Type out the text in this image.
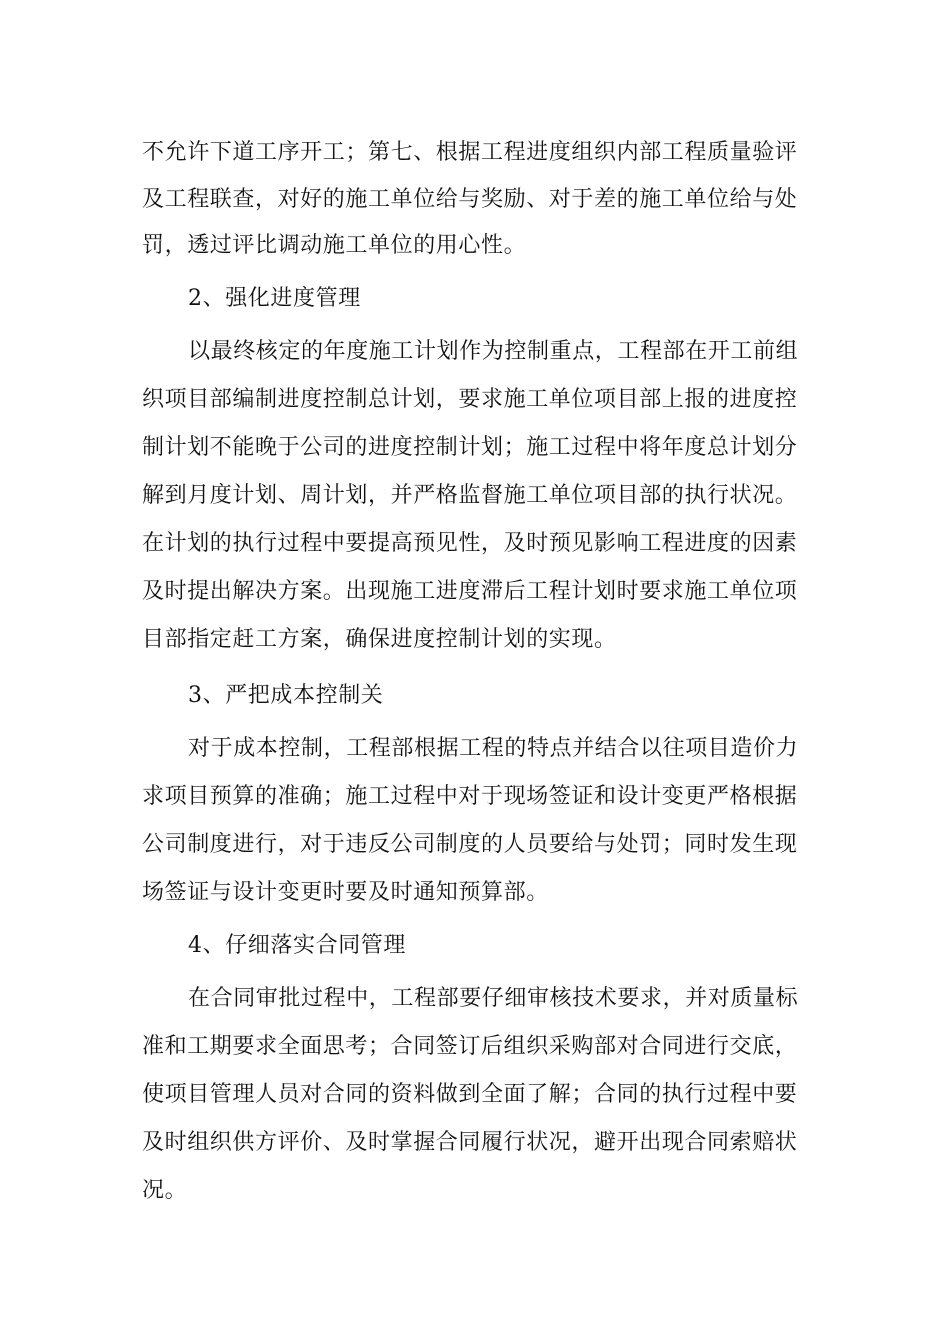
不允许下道工序开工；第七、根据工程进度组织内部工程质量验评
及工程联查，对好的施工单位给与奖励、对于差的施工单位给与处
罚，透过评比调动施工单位的用心性。
2、强化进度管理
以最终核定的年度施工计划作为控制重点，工程部在开工前组
织项目部编制进度控制总计划，要求施工单位项目部上报的进度控
制计划不能晚于公司的进度控制计划；施工过程中将年度总计划分
解到月度计划、周计划，并严格监督施工单位项目部的执行状况。
在计划的执行过程中要提高预见性，及时预见影响工程进度的因素
及时提出解决方案。出现施工进度滞后工程计划时要求施工单位项
目部指定赶工方案，确保进度控制计划的实现。
3、严把成本控制关
对于成本控制，工程部根据工程的特点并结合以往项目造价力
求项目预算的准确；施工过程中对于现场签证和设计变更严格根据
公司制度进行，对于违反公司制度的人员要给与处罚；同时发生现
场签证与设计变更时要及时通知预算部。
4、仔细落实合同管理
在合同审批过程中，工程部要仔细审核技术要求，并对质量标
准和工期要求全面思考；合同签订后组织采购部对合同进行交底，
使项目管理人员对合同的资料做到全面了解；合同的执行过程中要
及时组织供方评价、及时掌握合同履行状况，避开出现合同索赔状
况。
